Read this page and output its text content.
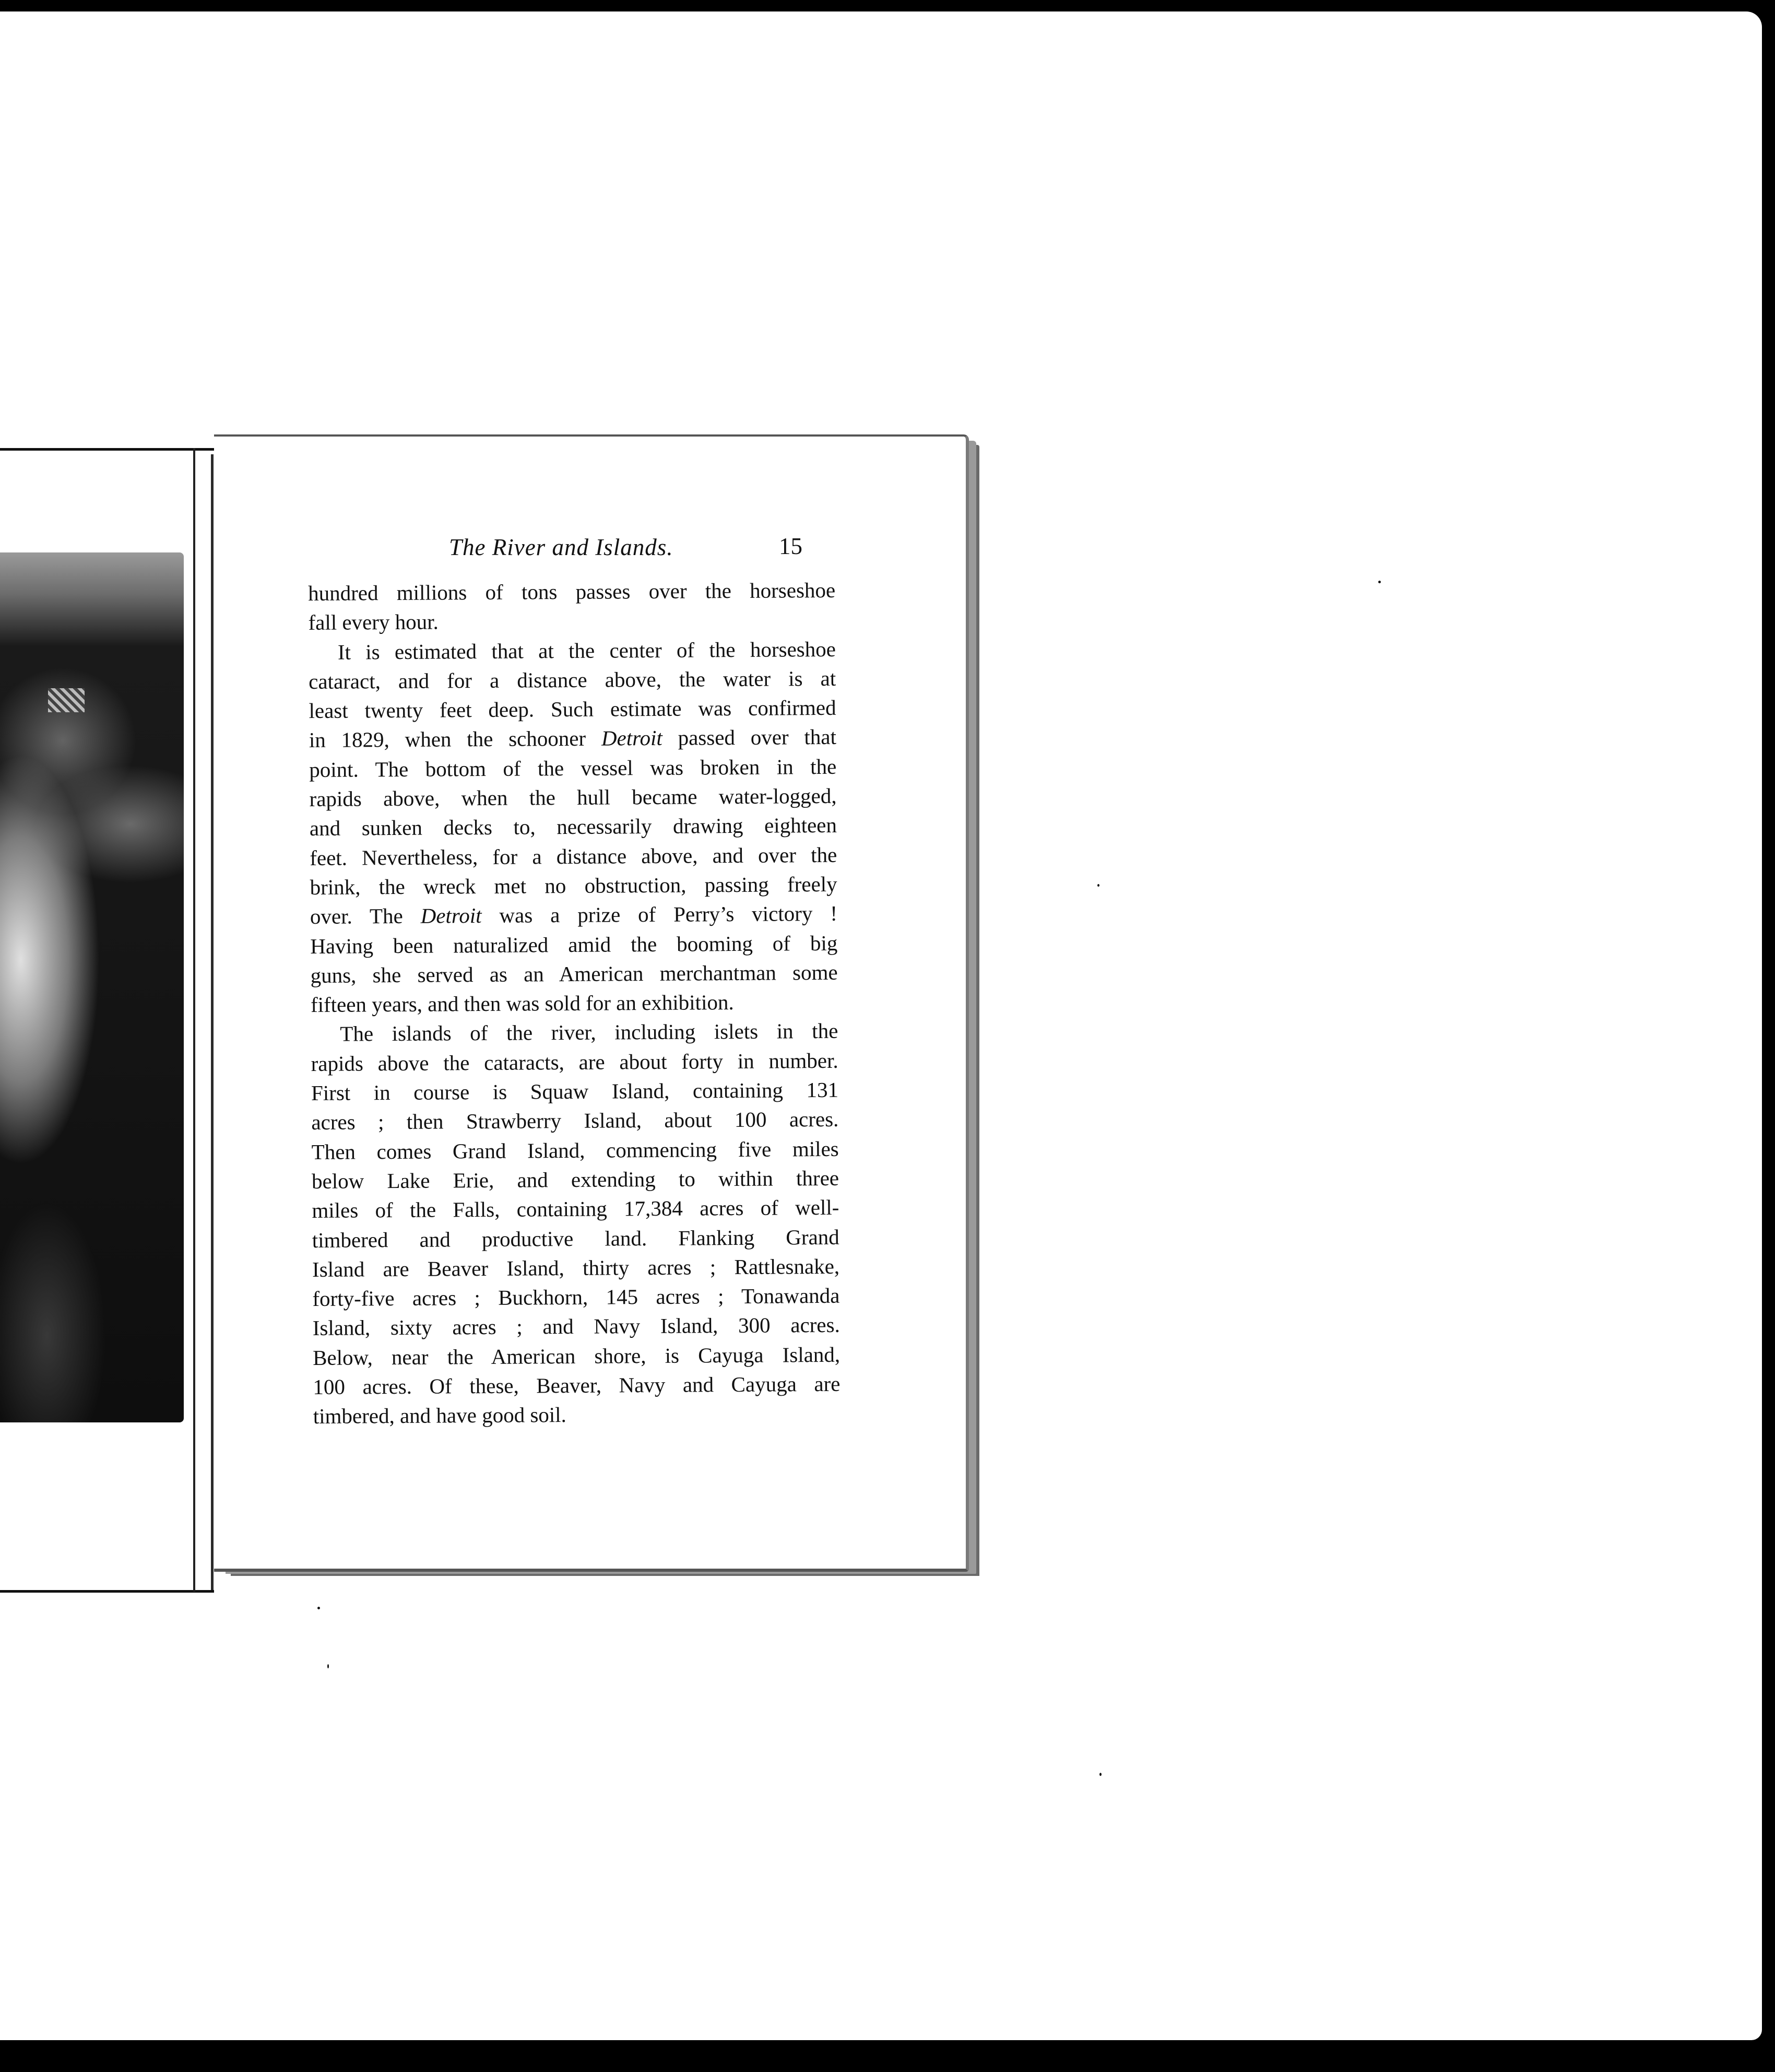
The River and Islands.	15
hundred millions of tons passes over the horseshoe
fall every hour.
It is estimated that at the center of the horseshoe
cataract, and for a distance above, the water is at
least twenty feet deep. Such estimate was confirmed
in 1829, when the schooner Detroit passed over that
point. The bottom of the vessel was broken in the
rapids above, when the hull became water-logged,
and sunken decks to, necessarily drawing eighteen
feet. Nevertheless, for a distance above, and over the
brink, the wreck met no obstruction, passing freely
over. The Detroit was a prize of Perry’s victory !
Having been naturalized amid the booming of big
guns, she served as an American merchantman some
fifteen years, and then was sold for an exhibition.
The islands of the river, including islets in the
rapids above the cataracts, are about forty in number.
First in course is Squaw Island, containing 131
acres ; then Strawberry Island, about 100 acres.
Then comes Grand Island, commencing five miles
below Lake Erie, and extending to within three
miles of the Falls, containing 17,384 acres of well-
timbered and productive land. Flanking Grand
Island are Beaver Island, thirty acres ; Rattlesnake,
forty-five acres ; Buckhorn, 145 acres ; Tonawanda
Island, sixty acres ; and Navy Island, 300 acres.
Below, near the American shore, is Cayuga Island,
100 acres. Of these, Beaver, Navy and Cayuga are
timbered, and have good soil.
